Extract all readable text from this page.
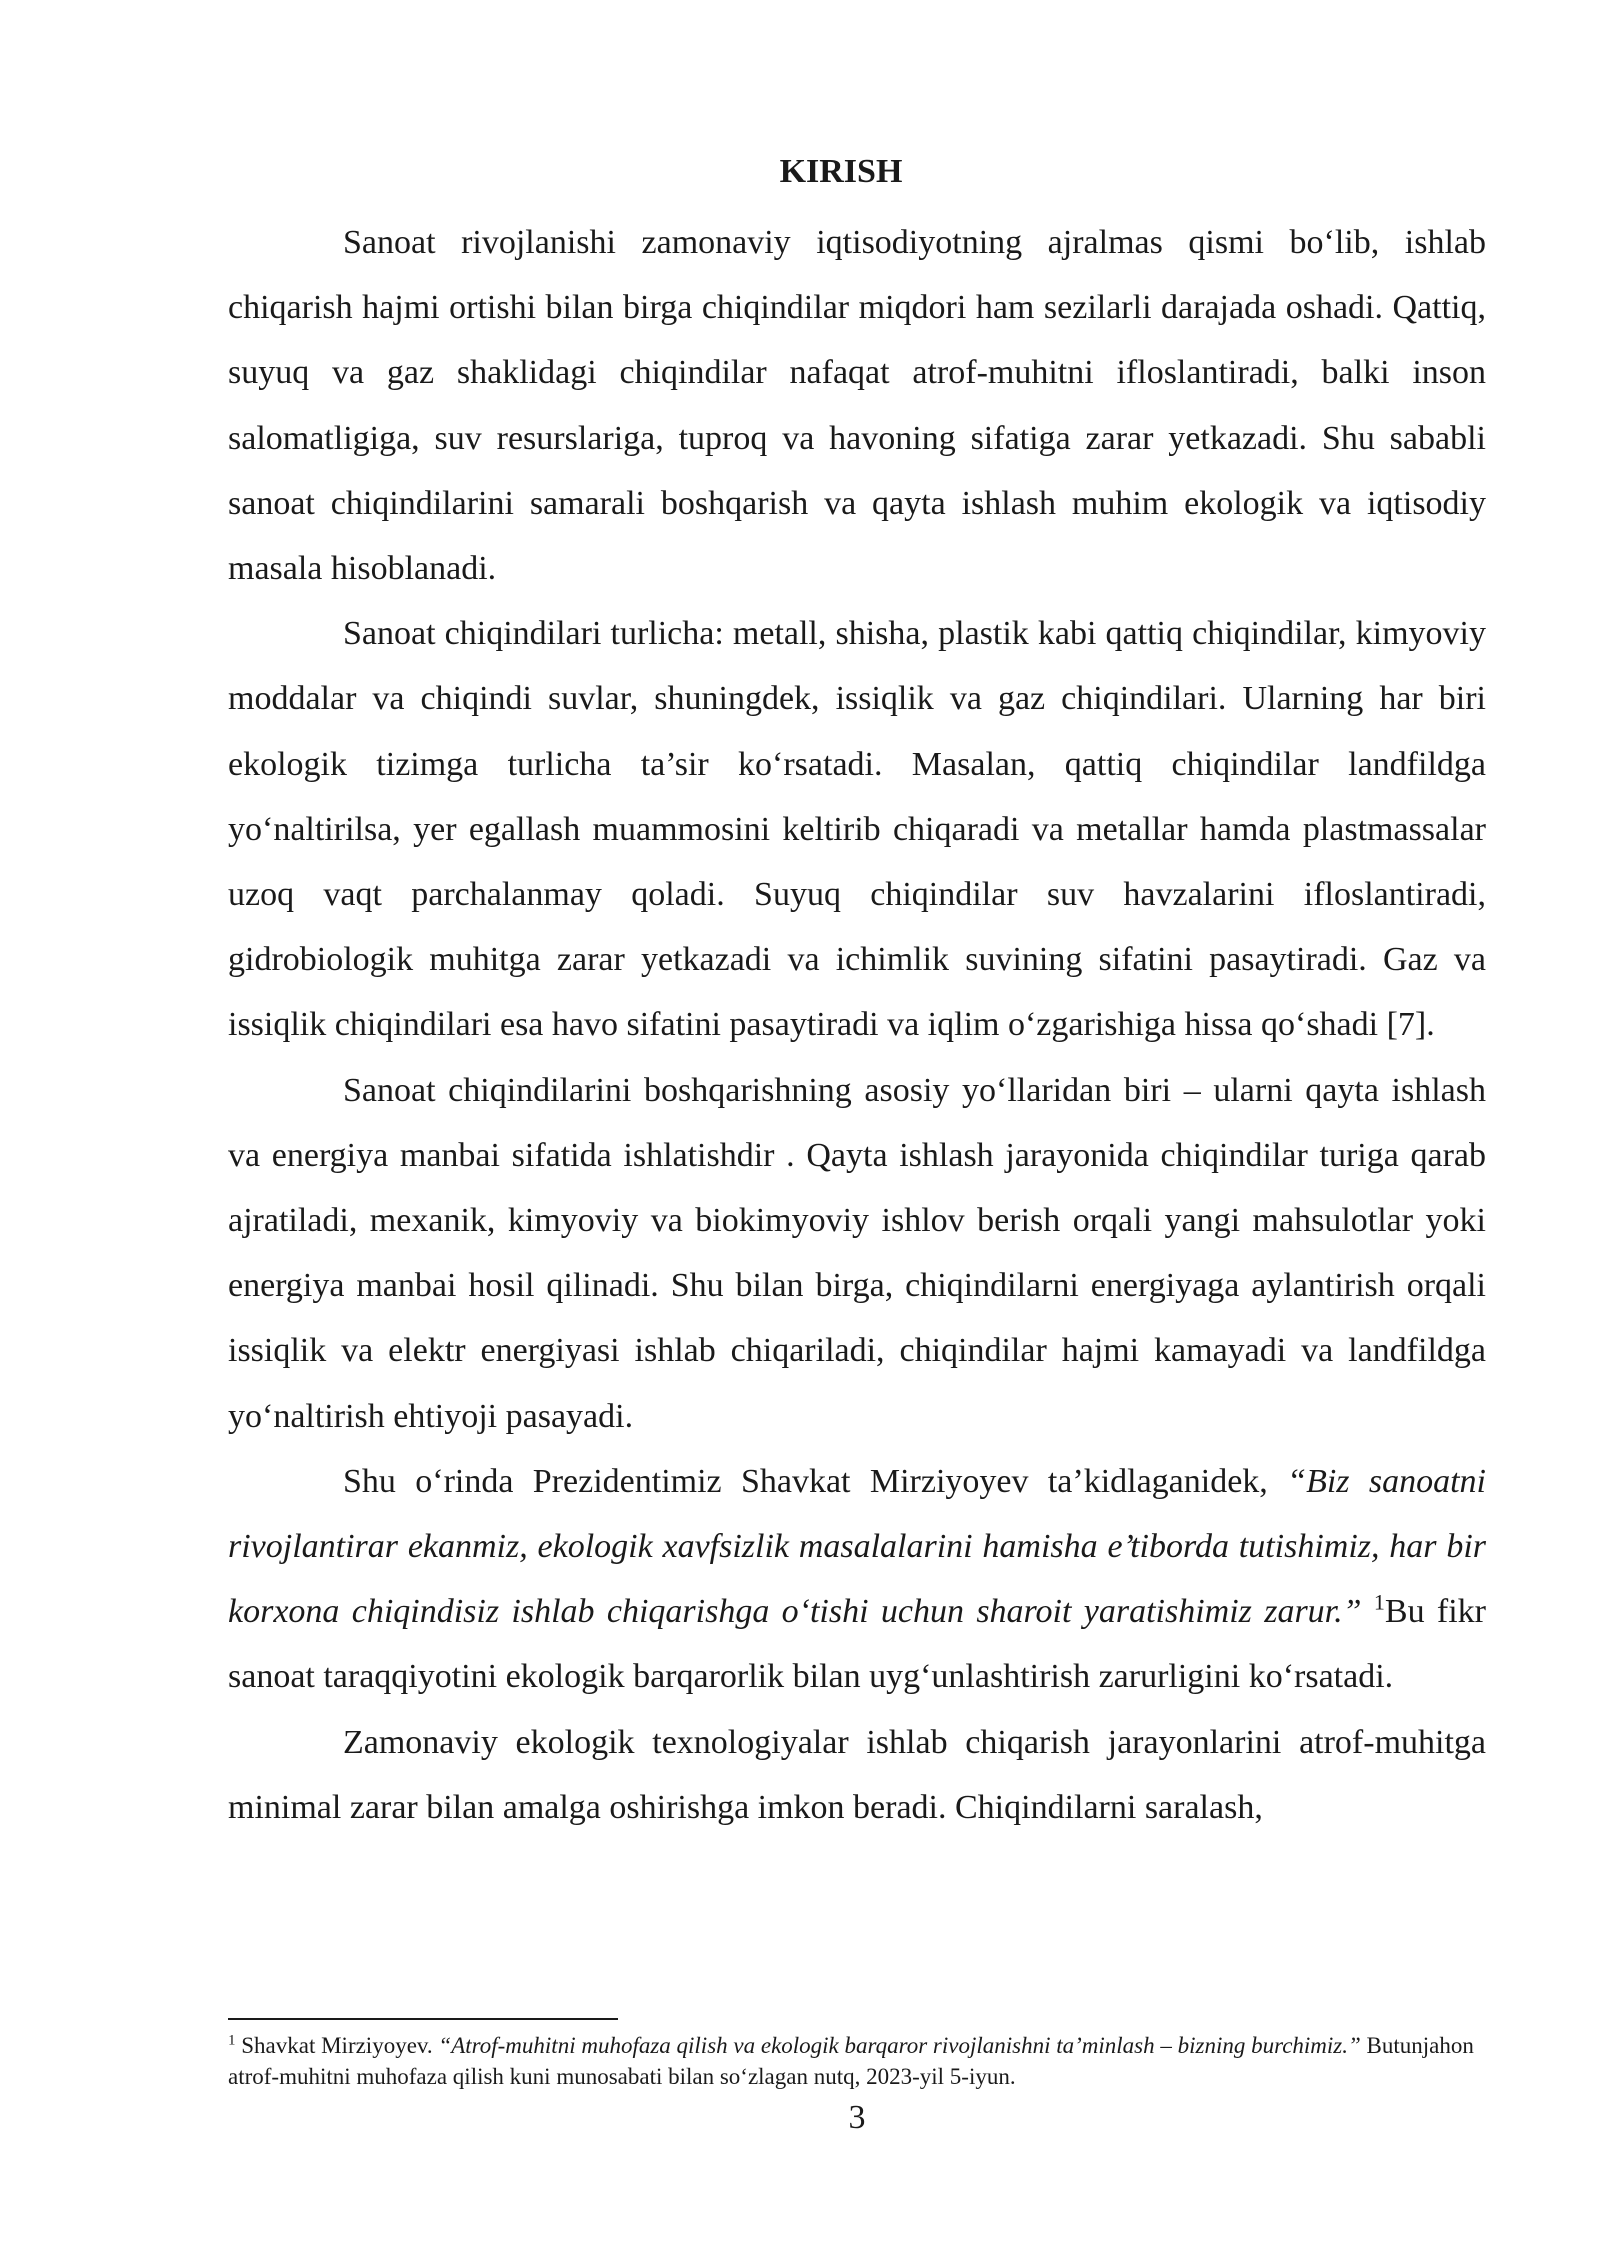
KIRISH

Sanoat rivojlanishi zamonaviy iqtisodiyotning ajralmas qismi bo‘lib, ishlab chiqarish hajmi ortishi bilan birga chiqindilar miqdori ham sezilarli darajada oshadi. Qattiq, suyuq va gaz shaklidagi chiqindilar nafaqat atrof-muhitni ifloslantiradi, balki inson salomatligiga, suv resurslariga, tuproq va havoning sifatiga zarar yetkazadi. Shu sababli sanoat chiqindilarini samarali boshqarish va qayta ishlash muhim ekologik va iqtisodiy masala hisoblanadi.

Sanoat chiqindilari turlicha: metall, shisha, plastik kabi qattiq chiqindilar, kimyoviy moddalar va chiqindi suvlar, shuningdek, issiqlik va gaz chiqindilari. Ularning har biri ekologik tizimga turlicha ta’sir ko‘rsatadi. Masalan, qattiq chiqindilar landfildga yo‘naltirilsa, yer egallash muammosini keltirib chiqaradi va metallar hamda plastmassalar uzoq vaqt parchalanmay qoladi. Suyuq chiqindilar suv havzalarini ifloslantiradi, gidrobiologik muhitga zarar yetkazadi va ichimlik suvining sifatini pasaytiradi. Gaz va issiqlik chiqindilari esa havo sifatini pasaytiradi va iqlim o‘zgarishiga hissa qo‘shadi [7].

Sanoat chiqindilarini boshqarishning asosiy yo‘llaridan biri – ularni qayta ishlash va energiya manbai sifatida ishlatishdir . Qayta ishlash jarayonida chiqindilar turiga qarab ajratiladi, mexanik, kimyoviy va biokimyoviy ishlov berish orqali yangi mahsulotlar yoki energiya manbai hosil qilinadi. Shu bilan birga, chiqindilarni energiyaga aylantirish orqali issiqlik va elektr energiyasi ishlab chiqariladi, chiqindilar hajmi kamayadi va landfildga yo‘naltirish ehtiyoji pasayadi.

Shu o‘rinda Prezidentimiz Shavkat Mirziyoyev ta’kidlaganidek, “Biz sanoatni rivojlantirar ekanmiz, ekologik xavfsizlik masalalarini hamisha e’tiborda tutishimiz, har bir korxona chiqindisiz ishlab chiqarishga o‘tishi uchun sharoit yaratishimiz zarur.” $^1$Bu fikr sanoat taraqqiyotini ekologik barqarorlik bilan uyg‘unlashtirish zarurligini ko‘rsatadi.

Zamonaviy ekologik texnologiyalar ishlab chiqarish jarayonlarini atrof-muhitga minimal zarar bilan amalga oshirishga imkon beradi. Chiqindilarni saralash,

$^1$ Shavkat Mirziyoyev. “Atrof-muhitni muhofaza qilish va ekologik barqaror rivojlanishni ta’minlash – bizning burchimiz.” Butunjahon atrof-muhitni muhofaza qilish kuni munosabati bilan so‘zlagan nutq, 2023-yil 5-iyun.
3
